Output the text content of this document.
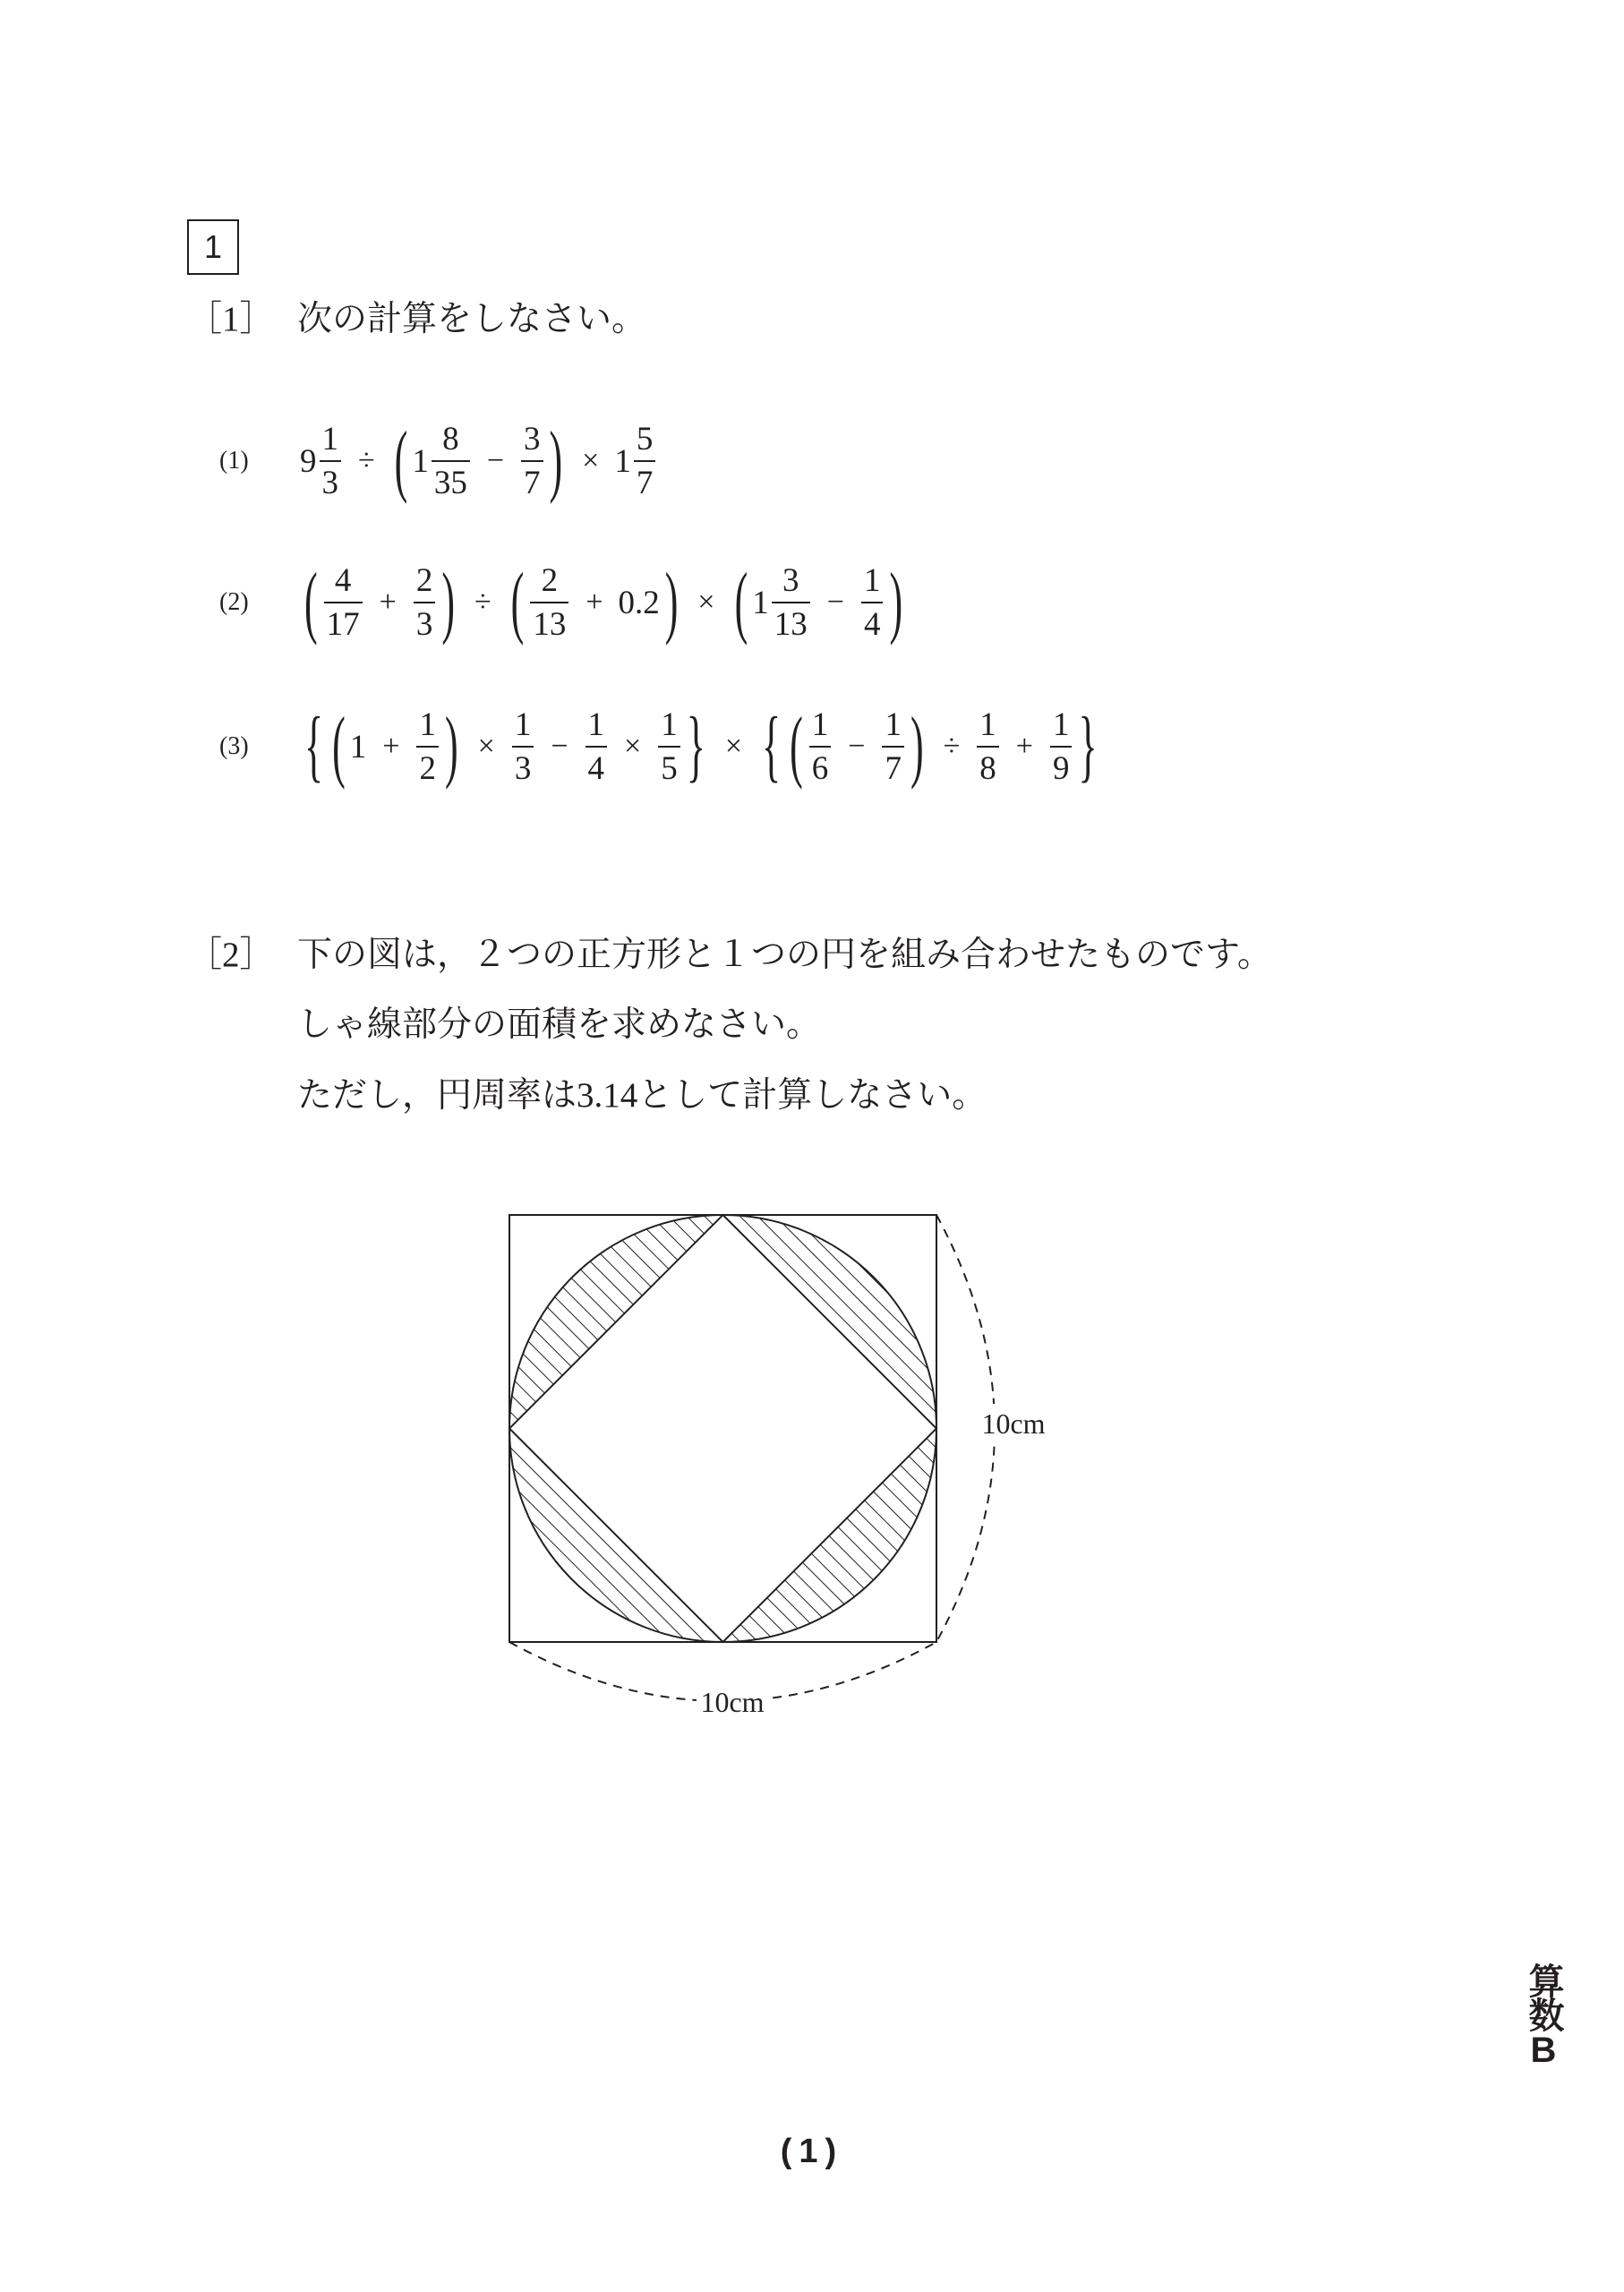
1
［1］ 次の計算をしなさい。
(1) $9 \frac{1}{3}$ ÷ ( $1 \frac{8}{35} - \frac{3}{7}$ ) × $1 \frac{5}{7}$
(2) ( $\frac{4}{17} + \frac{2}{3}$ ) ÷ ( $\frac{2}{13} + 0.2$ ) × ( $1 \frac{3}{13} - \frac{1}{4}$ )
(3) { ( $1 + \frac{1}{2}$ ) × $\frac{1}{3} - \frac{1}{4} \times \frac{1}{5}$ } × { ( $\frac{1}{6} - \frac{1}{7}$ ) ÷ $\frac{1}{8} + \frac{1}{9}$ }
［2］ 下の図は，２つの正方形と１つの円を組み合わせたものです。
しゃ線部分の面積を求めなさい。
ただし，円周率は3.14として計算しなさい。
10cm
10cm
算数B
(1)
